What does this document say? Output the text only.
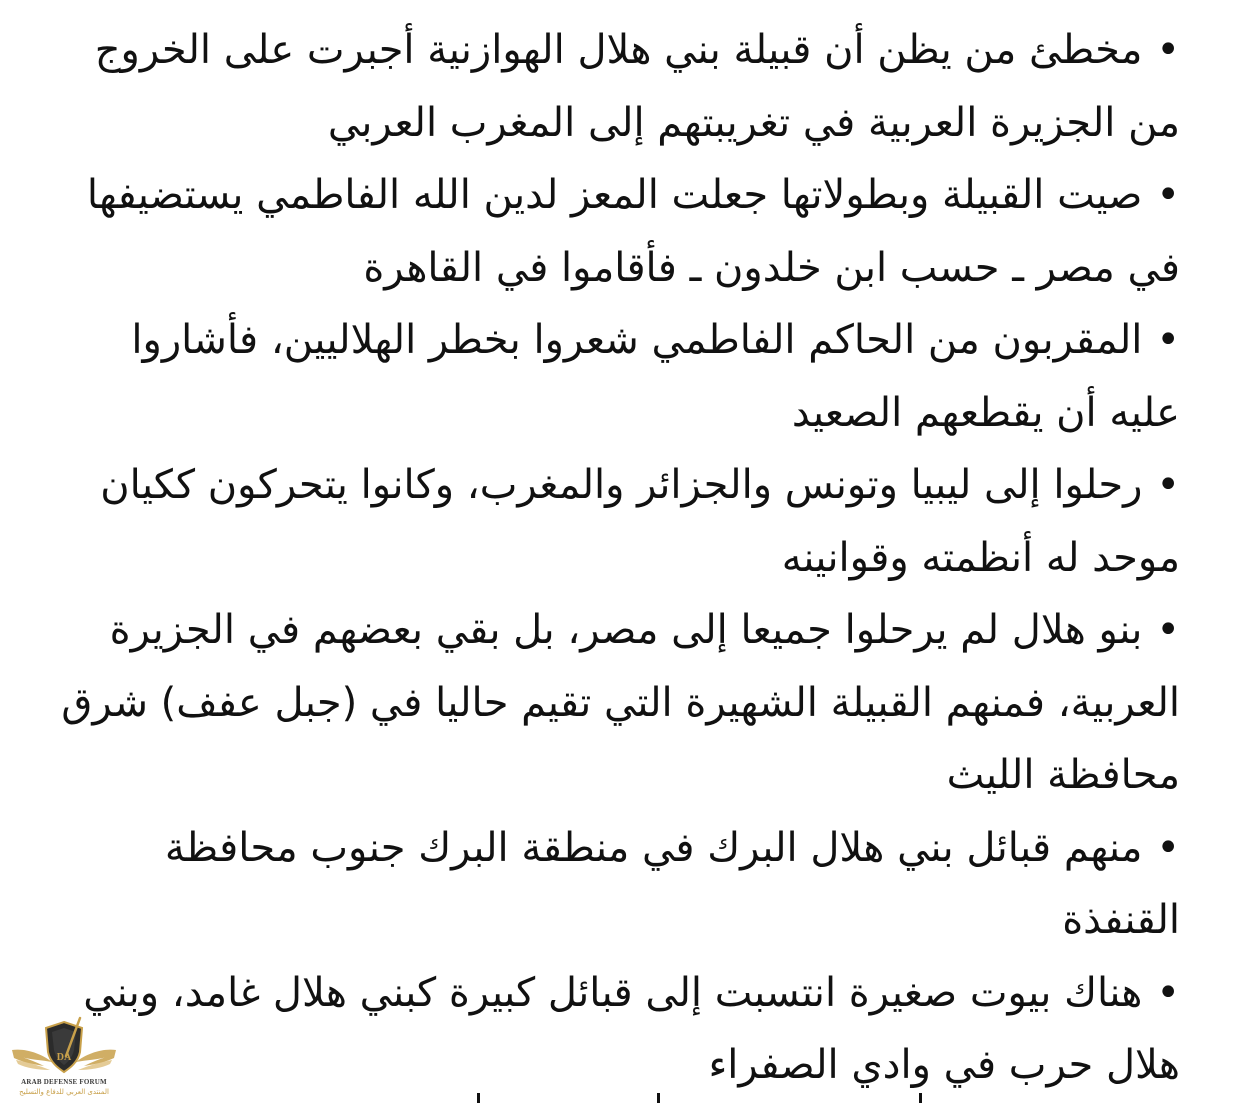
•مخطئ من يظن أن قبيلة بني هلال الهوازنية أجبرت على الخروج من الجزيرة العربية في تغريبتهم إلى المغرب العربي

•صيت القبيلة وبطولاتها جعلت المعز لدين الله الفاطمي يستضيفها في مصر ـ حسب ابن خلدون ـ فأقاموا في القاهرة

•المقربون من الحاكم الفاطمي شعروا بخطر الهلاليين، فأشاروا عليه أن يقطعهم الصعيد

•رحلوا إلى ليبيا وتونس والجزائر والمغرب، وكانوا يتحركون ككيان موحد له أنظمته وقوانينه

•بنو هلال لم يرحلوا جميعا إلى مصر، بل بقي بعضهم في الجزيرة العربية، فمنهم القبيلة الشهيرة التي تقيم حاليا في (جبل عفف) شرق محافظة الليث

•منهم قبائل بني هلال البرك في منطقة البرك جنوب محافظة القنفذة

•هناك بيوت صغيرة انتسبت إلى قبائل كبيرة كبني هلال غامد، وبني هلال حرب في وادي الصفراء

DA
ARAB DEFENSE FORUM
المنتدى العربي للدفاع والتسليح
